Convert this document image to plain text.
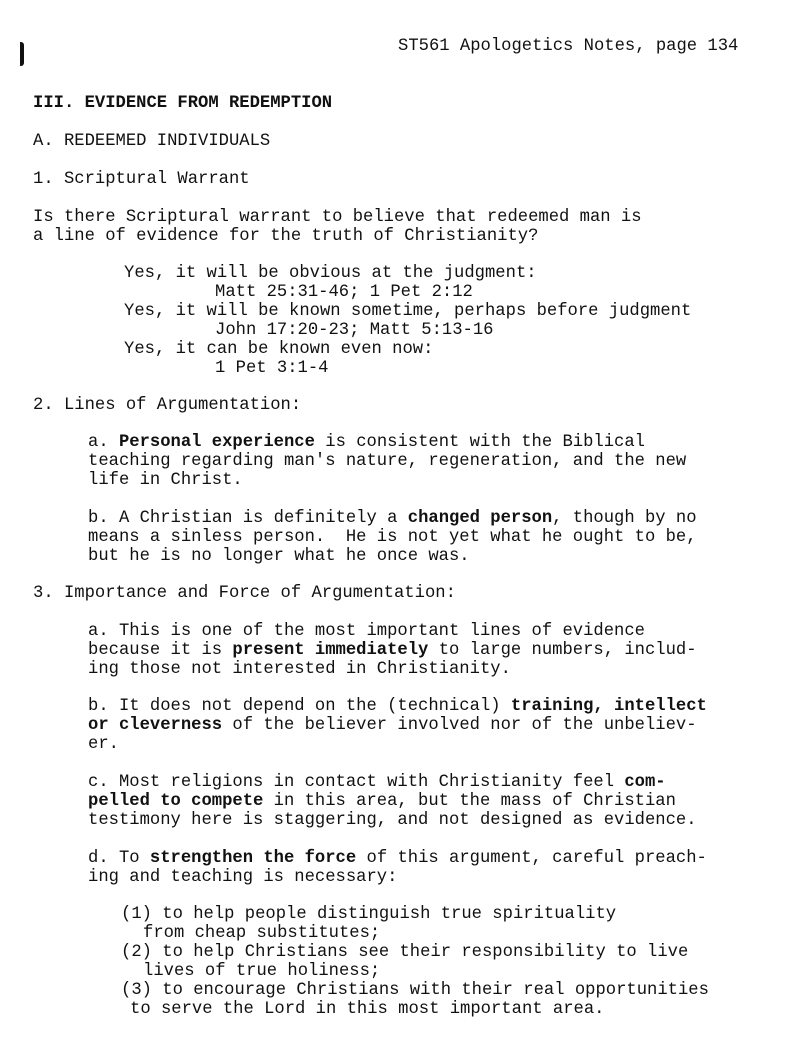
ST561 Apologetics Notes, page 134

III. EVIDENCE FROM REDEMPTION

A. REDEEMED INDIVIDUALS

1. Scriptural Warrant

Is there Scriptural warrant to believe that redeemed man is

a line of evidence for the truth of Christianity?

Yes, it will be obvious at the judgment:

Matt 25:31-46; 1 Pet 2:12

Yes, it will be known sometime, perhaps before judgment

John 17:20-23; Matt 5:13-16

Yes, it can be known even now:

1 Pet 3:1-4

2. Lines of Argumentation:

a. Personal experience is consistent with the Biblical

teaching regarding man's nature, regeneration, and the new

life in Christ.

b. A Christian is definitely a changed person, though by no

means a sinless person.  He is not yet what he ought to be,

but he is no longer what he once was.

3. Importance and Force of Argumentation:

a. This is one of the most important lines of evidence

because it is present immediately to large numbers, includ-

ing those not interested in Christianity.

b. It does not depend on the (technical) training, intellect

or cleverness of the believer involved nor of the unbeliev-

er.

c. Most religions in contact with Christianity feel com-

pelled to compete in this area, but the mass of Christian

testimony here is staggering, and not designed as evidence.

d. To strengthen the force of this argument, careful preach-

ing and teaching is necessary:

(1) to help people distinguish true spirituality

from cheap substitutes;

(2) to help Christians see their responsibility to live

lives of true holiness;

(3) to encourage Christians with their real opportunities

to serve the Lord in this most important area.
